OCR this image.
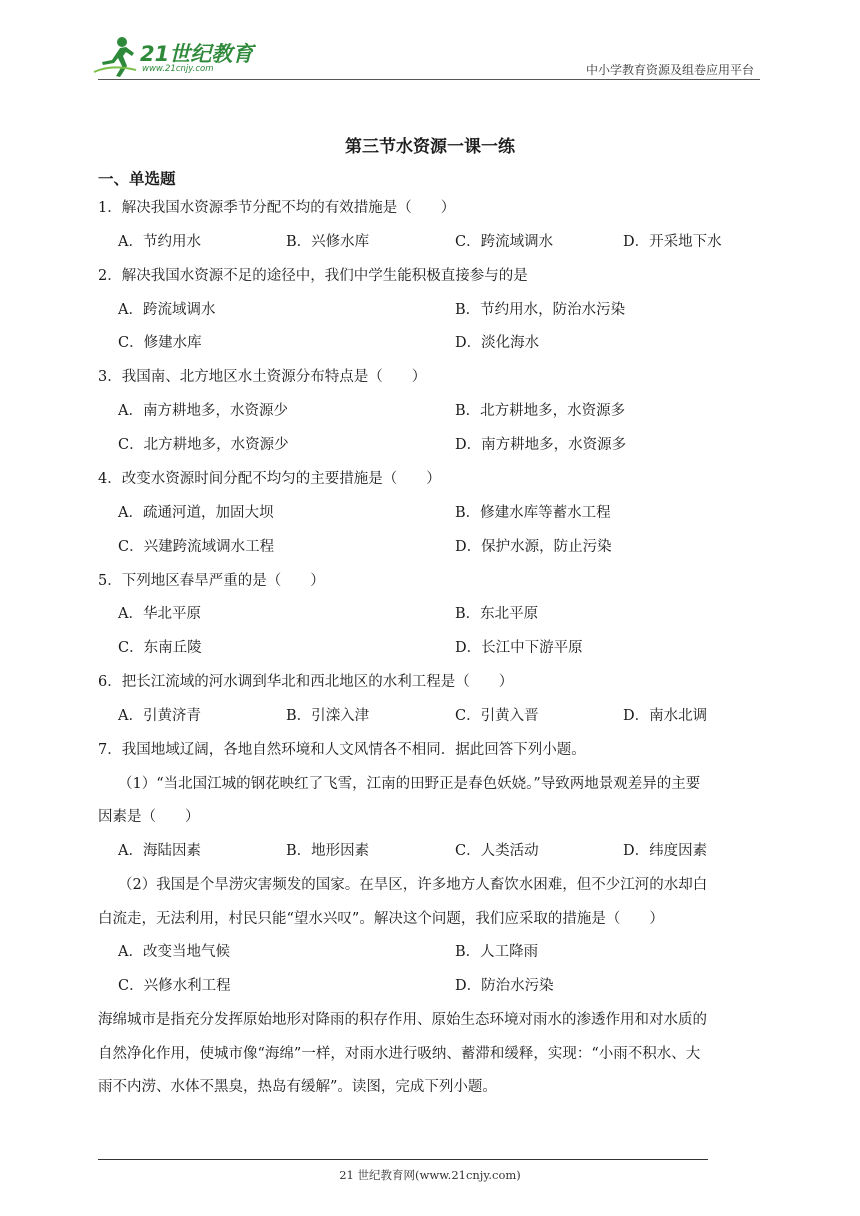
21世纪教育
www.21cnjy.com	中小学教育资源及组卷应用平台
第三节水资源一课一练
一、单选题
1．解决我国水资源季节分配不均的有效措施是（　　）
A．节约用水	B．兴修水库	C．跨流域调水	D．开采地下水
2．解决我国水资源不足的途径中，我们中学生能积极直接参与的是
A．跨流域调水	B．节约用水，防治水污染
C．修建水库	D．淡化海水
3．我国南、北方地区水土资源分布特点是（　　）
A．南方耕地多，水资源少	B．北方耕地多，水资源多
C．北方耕地多，水资源少	D．南方耕地多，水资源多
4．改变水资源时间分配不均匀的主要措施是（　　）
A．疏通河道，加固大坝	B．修建水库等蓄水工程
C．兴建跨流域调水工程	D．保护水源，防止污染
5．下列地区春旱严重的是（　　）
A．华北平原	B．东北平原
C．东南丘陵	D．长江中下游平原
6．把长江流域的河水调到华北和西北地区的水利工程是（　　）
A．引黄济青	B．引滦入津	C．引黄入晋	D．南水北调
7．我国地域辽阔，各地自然环境和人文风情各不相同．据此回答下列小题。
（1）“当北国江城的钢花映红了飞雪，江南的田野正是春色妖娆。”导致两地景观差异的主要
因素是（　　）
A．海陆因素	B．地形因素	C．人类活动	D．纬度因素
（2）我国是个旱涝灾害频发的国家。在旱区，许多地方人畜饮水困难，但不少江河的水却白
白流走，无法利用，村民只能“望水兴叹”。解决这个问题，我们应采取的措施是（　　）
A．改变当地气候	B．人工降雨
C．兴修水利工程	D．防治水污染
海绵城市是指充分发挥原始地形对降雨的积存作用、原始生态环境对雨水的渗透作用和对水质的
自然净化作用，使城市像“海绵”一样，对雨水进行吸纳、蓄滞和缓释，实现：“小雨不积水、大
雨不内涝、水体不黑臭，热岛有缓解”。读图，完成下列小题。
21 世纪教育网(www.21cnjy.com)
